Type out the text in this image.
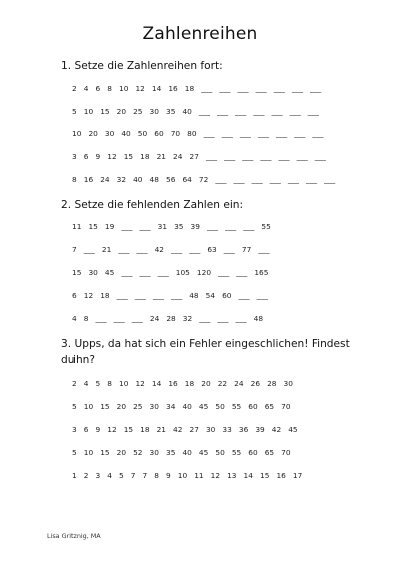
Zahlenreihen
1. Setze die Zahlenreihen fort:
2   4   6   8   10   12   14   16   18   ___   ___   ___   ___   ___   ___   ___
5   10   15   20   25   30   35   40   ___   ___   ___   ___   ___   ___   ___
10   20   30   40   50   60   70   80   ___   ___   ___   ___   ___   ___   ___
3   6   9   12   15   18   21   24   27   ___   ___   ___   ___   ___   ___   ___
8   16   24   32   40   48   56   64   72   ___   ___   ___   ___   ___   ___   ___
2. Setze die fehlenden Zahlen ein:
11   15   19   ___   ___   31   35   39   ___   ___   ___   55
7   ___   21   ___   ___   42   ___   ___   63   ___   77   ___
15   30   45   ___   ___   ___   105   120   ___   ___   165
6   12   18   ___   ___   ___   ___   48   54   60   ___   ___
4   8   ___   ___   ___   24   28   32   ___   ___   ___   48
3. Upps, da hat sich ein Fehler eingeschlichen! Findest du
ihn?
2   4   5   8   10   12   14   16   18   20   22   24   26   28   30
5   10   15   20   25   30   34   40   45   50   55   60   65   70
3   6   9   12   15   18   21   42   27   30   33   36   39   42   45
5   10   15   20   52   30   35   40   45   50   55   60   65   70
1   2   3   4   5   7   7   8   9   10   11   12   13   14   15   16   17
Lisa Gritznig, MA
